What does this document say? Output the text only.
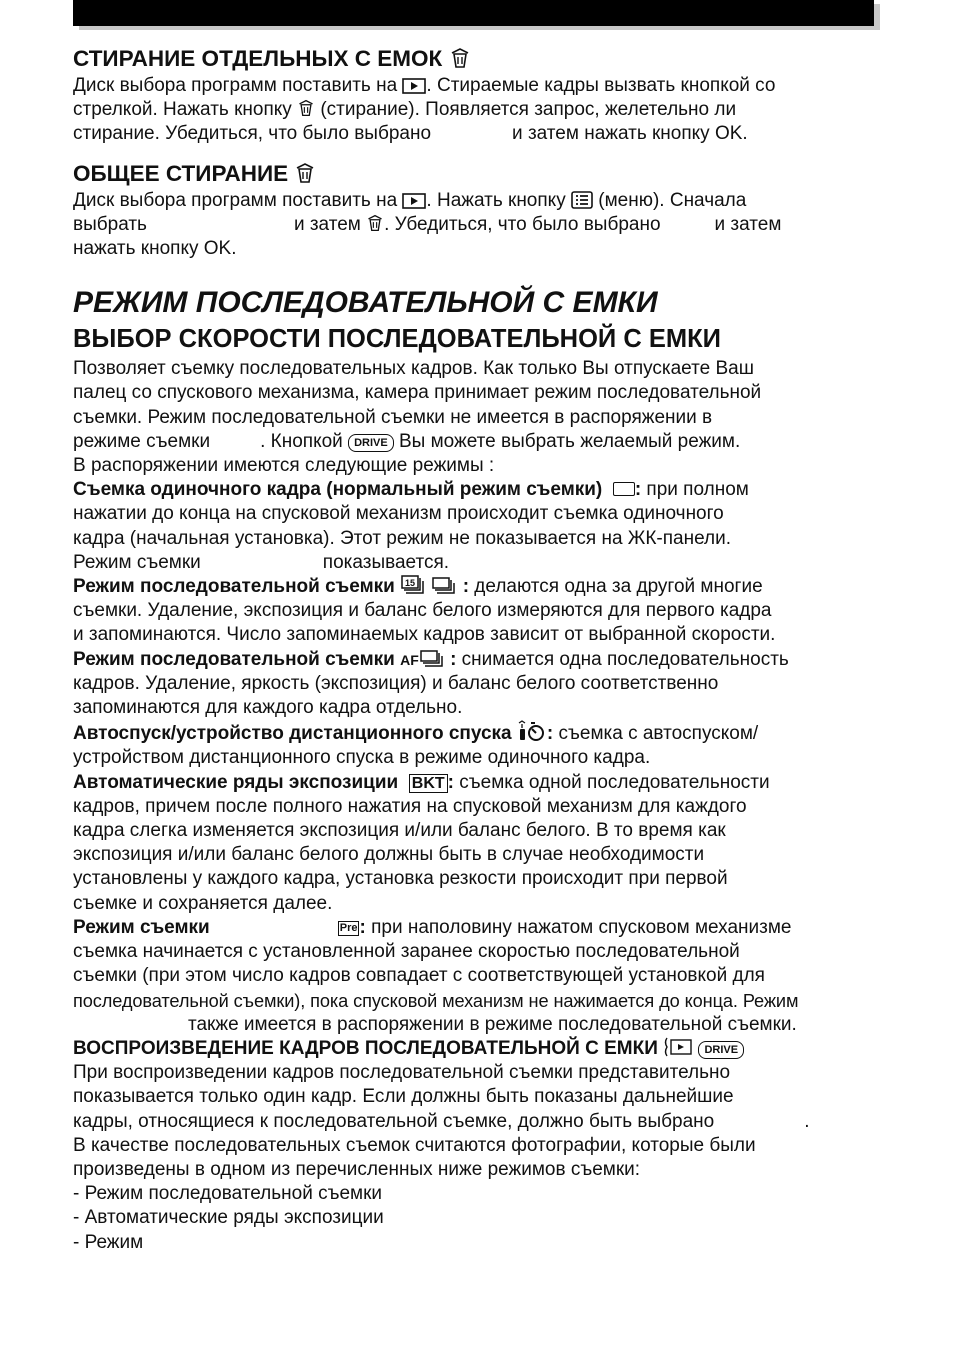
СТИРАНИЕ ОТДЕЛЬНЫХ С ЕМОК

Диск выбора программ поставить на . Стираемые кадры вызвать кнопкой со

стрелкой. Нажать кнопку  (стирание). Появляется запрос, желетельно ли

стирание. Убедиться, что было выбрано	и затем нажать кнопку OK.

ОБЩЕЕ СТИРАНИЕ

Диск выбора программ поставить на . Нажать кнопку  (меню). Сначала

выбрать	и затем . Убедиться, что было выбрано	и затем

нажать кнопку OK.

РЕЖИМ ПОСЛЕДОВАТЕЛЬНОЙ С ЕМКИ

ВЫБОР СКОРОСТИ ПОСЛЕДОВАТЕЛЬНОЙ С ЕМКИ

Позволяет съемку последовательных кадров. Как только Вы отпускаете Ваш

палец со спускового механизма, камера принимает режим последовательной

съемки. Режим последовательной съемки не имеется в распоряжении в

режиме съемки	. Кнопкой DRIVE Вы можете выбрать желаемый режим.

В распоряжении имеются следующие режимы :

Съемка одиночного кадра (нормальный режим съемки) : при полном

нажатии до конца на спусковой механизм происходит съемка одиночного

кадра (начальная установка). Этот режим не показывается на ЖК-панели.

Режим съемки	показывается.

Режим последовательной съемки 15	: делаются одна за другой многие

съемки. Удаление, экспозиция и баланс белого измеряются для первого кадра

и запоминаются. Число запоминаемых кадров зависит от выбранной скорости.

Режим последовательной съемки AF : снимается одна последовательность

кадров. Удаление, яркость (экспозиция) и баланс белого соответственно

запоминаются для каждого кадра отдельно.

Автоспуск/устройство дистанционного спуска : съемка с автоспуском/

устройством дистанционного спуска в режиме одиночного кадра.

Автоматические ряды экспозиции BKT : съемка одной последовательности

кадров, причем после полного нажатия на спусковой механизм для каждого

кадра слегка изменяется экспозиция и/или баланс белого. В то время как

экспозиция и/или баланс белого должны быть в случае необходимости

установлены у каждого кадра, установка резкости происходит при первой

съемке и сохраняется далее.

Режим съемки	Pre : при наполовину нажатом спусковом механизме

съемка начинается с установленной заранее скоростью последовательной

съемки (при этом число кадров совпадает с соответствующей установкой для

последовательной съемки), пока спусковой механизм не нажимается до конца. Режим

также имеется в распоряжении в режиме последовательной съемки.

ВОСПРОИЗВЕДЕНИЕ КАДРОВ ПОСЛЕДОВАТЕЛЬНОЙ С ЕМКИ	DRIVE

При воспроизведении кадров последовательной съемки представительно

показывается только один кадр. Если должны быть показаны дальнейшие

кадры, относящиеся к последовательной съемке, должно быть выбрано	.

В качестве последовательных съемок считаются фотографии, которые были

произведены в одном из перечисленных ниже режимов съемки:

- Режим последовательной съемки

- Автоматические ряды экспозиции

- Режим
